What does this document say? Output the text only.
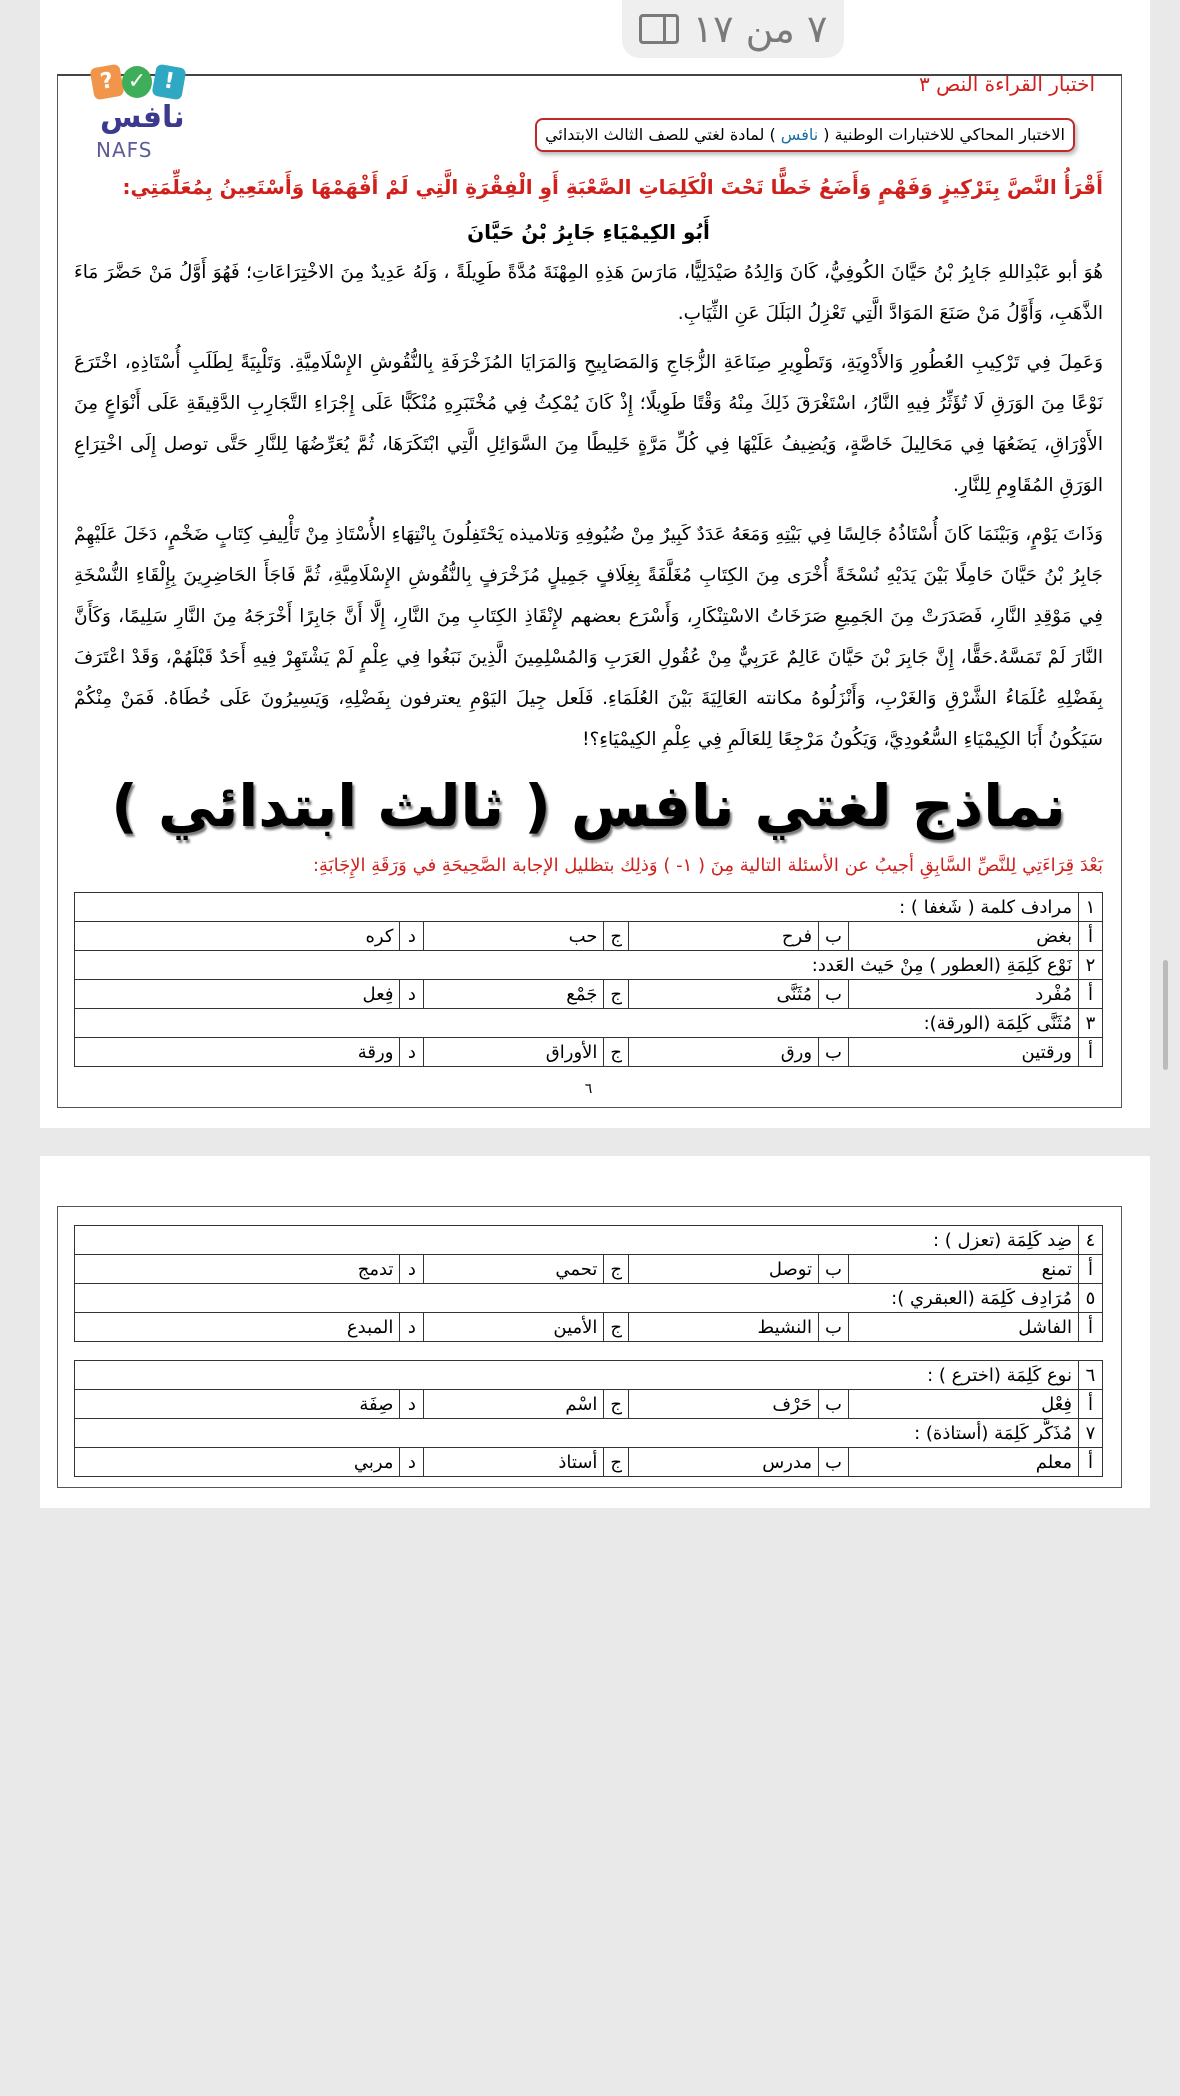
٧ من ١٧
? ✓ !
نافس
NAFS
اختبار القراءة النص ٣
الاختبار المحاكي للاختبارات الوطنية ( نافس ) لمادة لغتي للصف الثالث الابتدائي
أَقْرَأُ النَّصَّ بِتَرْكِيزٍ وَفَهْمٍ وَأَضَعُ خَطًّا تَحْتَ الْكَلِمَاتِ الصَّعْبَةِ أَوِ الْفِقْرَةِ الَّتِي لَمْ أَفْهَمْهَا وَأَسْتَعِينُ بِمُعَلِّمَتِي:
أَبُو الكِيمْيَاءِ جَابِرُ بْنُ حَيَّانَ

هُوَ أبو عَبْدِاللهِ جَابِرُ بْنُ حَيَّانَ الكُوفِيُّ، كَانَ وَالِدُهُ صَيْدَلِيًّا، مَارَسَ هَذِهِ المِهْنَةَ مُدَّةً طَوِيلَةً ، وَلَهُ عَدِيدٌ مِنَ الاخْتِرَاعَاتِ؛ فَهُوَ أَوَّلُ مَنْ حَضَّرَ مَاءَ الذَّهَبِ، وَأَوَّلُ مَنْ صَنَعَ المَوَادَّ الَّتِي تَعْزِلُ البَلَلَ عَنِ الثِّيَابِ.

وَعَمِلَ فِي تَرْكِيبِ العُطُورِ وَالأَدْوِيَةِ، وَتَطْوِيرِ صِنَاعَةِ الزُّجَاجِ وَالمَصَابِيحِ وَالمَرَايَا المُزَخْرَفَةِ بِالنُّقُوشِ الإِسْلَامِيَّةِ. وَتَلْبِيَةً لِطَلَبِ أُسْتَاذِهِ، اخْتَرَعَ نَوْعًا مِنَ الوَرَقِ لَا تُؤَثِّرُ فِيهِ النَّارُ، اسْتَغْرَقَ ذَلِكَ مِنْهُ وَقْتًا طَوِيلًا؛ إِذْ كَانَ يُمْكِثُ فِي مُخْتَبَرِهِ مُنْكَبًّا عَلَى إِجْرَاءِ التَّجَارِبِ الدَّقِيقَةِ عَلَى أَنْوَاعٍ مِنَ الأَوْرَاقِ، يَضَعُهَا فِي مَحَالِيلَ خَاصَّةٍ، وَيُضِيفُ عَلَيْهَا فِي كُلِّ مَرَّةٍ خَلِيطًا مِنَ السَّوَائِلِ الَّتِي ابْتَكَرَهَا، ثُمَّ يُعَرِّضُهَا لِلنَّارِ حَتَّى توصل إِلَى اخْتِرَاعِ الوَرَقِ المُقَاوِمِ لِلنَّارِ.

وَذَاتَ يَوْمٍ، وَبَيْنَمَا كَانَ أُسْتَاذُهُ جَالِسًا فِي بَيْتِهِ وَمَعَهُ عَدَدٌ كَبِيرٌ مِنْ ضُيُوفِهِ وَتلاميذه يَحْتَفِلُونَ بِانْتِهَاءِ الأُسْتَاذِ مِنْ تَأْلِيفِ كِتَابٍ ضَخْمٍ، دَخَلَ عَلَيْهِمْ جَابِرُ بْنُ حَيَّانَ حَامِلًا بَيْنَ يَدَيْهِ نُسْخَةً أُخْرَى مِنَ الكِتَابِ مُغَلَّفَةً بِغِلَافٍ جَمِيلٍ مُزَخْرَفٍ بِالنُّقُوشِ الإِسْلَامِيَّةِ، ثُمَّ فَاجَأَ الحَاضِرِينَ بِإِلْقَاءِ النُّسْخَةِ فِي مَوْقِدِ النَّارِ، فَصَدَرَتْ مِنَ الجَمِيعِ صَرَخَاتُ الاسْتِنْكَارِ، وَأَسْرَع بعضهم لإِنْقَاذِ الكِتَابِ مِنَ النَّارِ، إِلَّا أَنَّ جَابِرًا أَخْرَجَهُ مِنَ النَّارِ سَلِيمًا، وَكَأَنَّ النَّارَ لَمْ تَمَسَّهُ.حَقًّا، إِنَّ جَابِرَ بْنَ حَيَّانَ عَالِمٌ عَرَبِيٌّ مِنْ عُقُولِ العَرَبِ وَالمُسْلِمِينَ الَّذِينَ نَبَغُوا فِي عِلْمٍ لَمْ يَشْتَهِرْ فِيهِ أَحَدٌ قَبْلَهُمْ، وَقَدْ اعْتَرَفَ بِفَضْلِهِ عُلَمَاءُ الشَّرْقِ وَالغَرْبِ، وَأَنْزَلُوهُ مكانته العَالِيَةَ بَيْنَ العُلَمَاءِ. فَلَعل جِيلَ اليَوْمِ يعترفون بِفَضْلِهِ، وَيَسِيرُونَ عَلَى خُطَاهُ. فَمَنْ مِنْكُمْ سَيَكُونُ أَبَا الكِيمْيَاءِ السُّعُودِيَّ، وَيَكُونُ مَرْجِعًا لِلعَالَمِ فِي عِلْمِ الكِيمْيَاءِ؟!

نماذج لغتي نافس ( ثالث ابتدائي )
بَعْدَ قِرَاءَتِي لِلنَّصِّ السَّابِقِ أجيبُ عن الأسئلة التالية مِنَ ( ١- ) وَذلِك بتظليل الإجابة الصَّحِيحَةِ في وَرَقَةِ الإِجَابَةِ:
١	مرادف كلمة ( شَغفا ) :						
أ	بغض	ب	فرح	ج	حب	د	كره
٢	نَوْع كَلِمَةِ (العطور ) مِنْ حَيث العَدد:						
أ	مُفْرد	ب	مُثَنَّى	ج	جَمْع	د	فِعل
٣	مُثَنَّى كَلِمَة (الورقة):						
أ	ورقتين	ب	ورق	ج	الأوراق	د	ورقة
٦
٤	ضِد كَلِمَة (تعزل ) :						
أ	تمنع	ب	توصل	ج	تحمي	د	تدمج
٥	مُرَادِف كَلِمَة (العبقري ):						
أ	الفاشل	ب	النشيط	ج	الأمين	د	المبدع
٦	نوع كَلِمَة (اخترع ) :						
أ	فِعْل	ب	حَرْف	ج	اسْم	د	صِفَة
٧	مُذَكَّر كَلِمَة (أستاذة) :						
أ	معلم	ب	مدرس	ج	أستاذ	د	مربي
